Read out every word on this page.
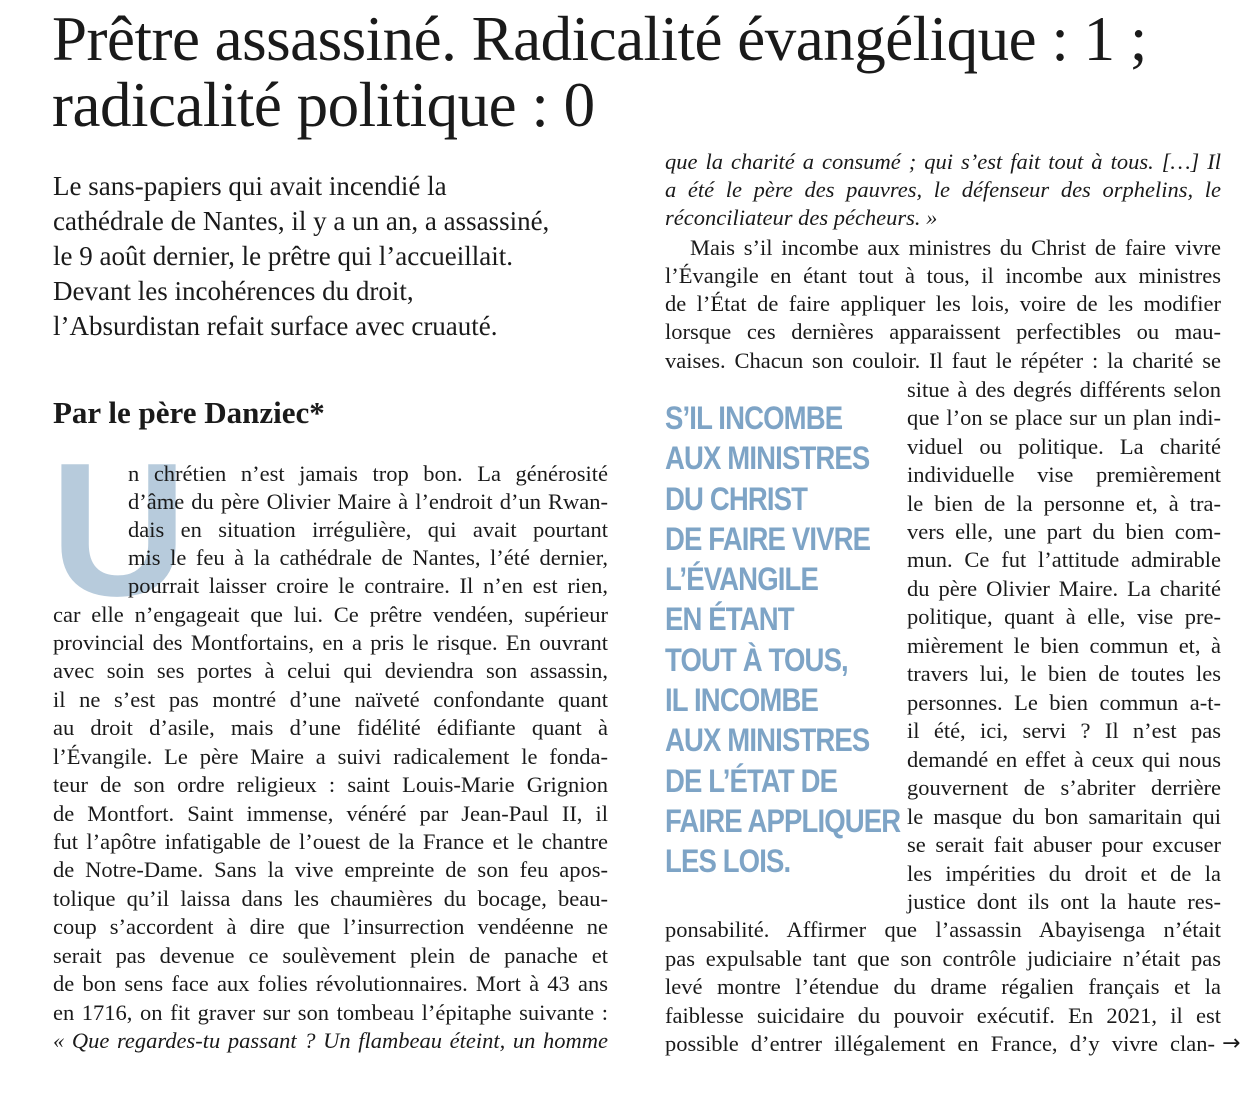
Prêtre assassiné. Radicalité évangélique : 1 ;
radicalité politique : 0
Le sans-papiers qui avait incendié la
cathédrale de Nantes, il y a un an, a assassiné,
le 9 août dernier, le prêtre qui l’accueillait.
Devant les incohérences du droit,
l’Absurdistan refait surface avec cruauté.
Par le père Danziec*
U
n chrétien n’est jamais trop bon. La générosité
d’âme du père Olivier Maire à l’endroit d’un Rwan-
dais en situation irrégulière, qui avait pourtant
mis le feu à la cathédrale de Nantes, l’été dernier,
pourrait laisser croire le contraire. Il n’en est rien,
car elle n’engageait que lui. Ce prêtre vendéen, supérieur
provincial des Montfortains, en a pris le risque. En ouvrant
avec soin ses portes à celui qui deviendra son assassin,
il ne s’est pas montré d’une naïveté confondante quant
au droit d’asile, mais d’une fidélité édifiante quant à
l’Évangile. Le père Maire a suivi radicalement le fonda-
teur de son ordre religieux : saint Louis-Marie Grignion
de Montfort. Saint immense, vénéré par Jean-Paul II, il
fut l’apôtre infatigable de l’ouest de la France et le chantre
de Notre-Dame. Sans la vive empreinte de son feu apos-
tolique qu’il laissa dans les chaumières du bocage, beau-
coup s’accordent à dire que l’insurrection vendéenne ne
serait pas devenue ce soulèvement plein de panache et
de bon sens face aux folies révolutionnaires. Mort à 43 ans
en 1716, on fit graver sur son tombeau l’épitaphe suivante :
« Que regardes-tu passant ? Un flambeau éteint, un homme
que la charité a consumé ; qui s’est fait tout à tous. […] Il
a été le père des pauvres, le défenseur des orphelins, le
réconciliateur des pécheurs. »
Mais s’il incombe aux ministres du Christ de faire vivre
l’Évangile en étant tout à tous, il incombe aux ministres
de l’État de faire appliquer les lois, voire de les modifier
lorsque ces dernières apparaissent perfectibles ou mau-
vaises. Chacun son couloir. Il faut le répéter : la charité se
S’IL INCOMBE
AUX MINISTRES
DU CHRIST
DE FAIRE VIVRE
L’ÉVANGILE
EN ÉTANT
TOUT À TOUS,
IL INCOMBE
AUX MINISTRES
DE L’ÉTAT DE
FAIRE APPLIQUER
LES LOIS.
situe à des degrés différents selon
que l’on se place sur un plan indi-
viduel ou politique. La charité
individuelle vise premièrement
le bien de la personne et, à tra-
vers elle, une part du bien com-
mun. Ce fut l’attitude admirable
du père Olivier Maire. La charité
politique, quant à elle, vise pre-
mièrement le bien commun et, à
travers lui, le bien de toutes les
personnes. Le bien commun a-t-
il été, ici, servi ? Il n’est pas
demandé en effet à ceux qui nous
gouvernent de s’abriter derrière
le masque du bon samaritain qui
se serait fait abuser pour excuser
les impérities du droit et de la
justice dont ils ont la haute res-
ponsabilité. Affirmer que l’assassin Abayisenga n’était
pas expulsable tant que son contrôle judiciaire n’était pas
levé montre l’étendue du drame régalien français et la
faiblesse suicidaire du pouvoir exécutif. En 2021, il est
possible d’entrer illégalement en France, d’y vivre clan- →
